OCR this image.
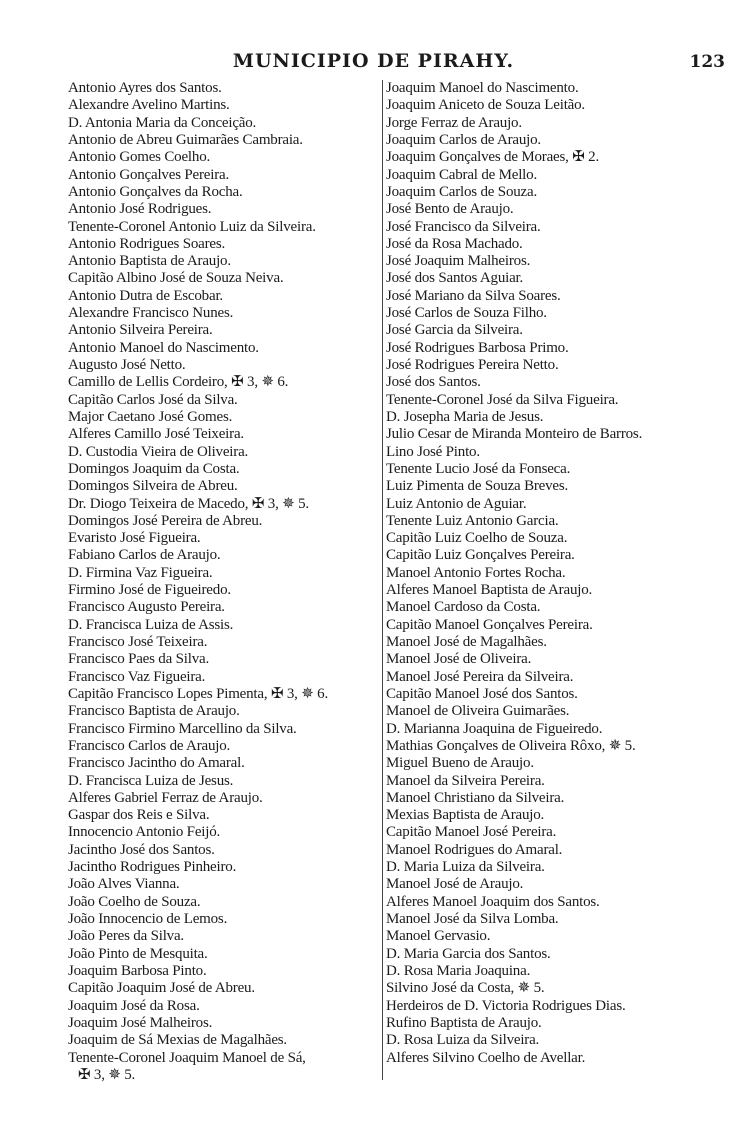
MUNICIPIO DE PIRAHY.	123
Antonio Ayres dos Santos.
Alexandre Avelino Martins.
D. Antonia Maria da Conceição.
Antonio de Abreu Guimarães Cambraia.
Antonio Gomes Coelho.
Antonio Gonçalves Pereira.
Antonio Gonçalves da Rocha.
Antonio José Rodrigues.
Tenente-Coronel Antonio Luiz da Silveira.
Antonio Rodrigues Soares.
Antonio Baptista de Araujo.
Capitão Albino José de Souza Neiva.
Antonio Dutra de Escobar.
Alexandre Francisco Nunes.
Antonio Silveira Pereira.
Antonio Manoel do Nascimento.
Augusto José Netto.
Camillo de Lellis Cordeiro, ✠ 3, ✵ 6.
Capitão Carlos José da Silva.
Major Caetano José Gomes.
Alferes Camillo José Teixeira.
D. Custodia Vieira de Oliveira.
Domingos Joaquim da Costa.
Domingos Silveira de Abreu.
Dr. Diogo Teixeira de Macedo, ✠ 3, ✵ 5.
Domingos José Pereira de Abreu.
Evaristo José Figueira.
Fabiano Carlos de Araujo.
D. Firmina Vaz Figueira.
Firmino José de Figueiredo.
Francisco Augusto Pereira.
D. Francisca Luiza de Assis.
Francisco José Teixeira.
Francisco Paes da Silva.
Francisco Vaz Figueira.
Capitão Francisco Lopes Pimenta, ✠ 3, ✵ 6.
Francisco Baptista de Araujo.
Francisco Firmino Marcellino da Silva.
Francisco Carlos de Araujo.
Francisco Jacintho do Amaral.
D. Francisca Luiza de Jesus.
Alferes Gabriel Ferraz de Araujo.
Gaspar dos Reis e Silva.
Innocencio Antonio Feijó.
Jacintho José dos Santos.
Jacintho Rodrigues Pinheiro.
João Alves Vianna.
João Coelho de Souza.
João Innocencio de Lemos.
João Peres da Silva.
João Pinto de Mesquita.
Joaquim Barbosa Pinto.
Capitão Joaquim José de Abreu.
Joaquim José da Rosa.
Joaquim José Malheiros.
Joaquim de Sá Mexias de Magalhães.
Tenente-Coronel Joaquim Manoel de Sá,
✠ 3, ✵ 5.
Joaquim Manoel do Nascimento.
Joaquim Aniceto de Souza Leitão.
Jorge Ferraz de Araujo.
Joaquim Carlos de Araujo.
Joaquim Gonçalves de Moraes, ✠ 2.
Joaquim Cabral de Mello.
Joaquim Carlos de Souza.
José Bento de Araujo.
José Francisco da Silveira.
José da Rosa Machado.
José Joaquim Malheiros.
José dos Santos Aguiar.
José Mariano da Silva Soares.
José Carlos de Souza Filho.
José Garcia da Silveira.
José Rodrigues Barbosa Primo.
José Rodrigues Pereira Netto.
José dos Santos.
Tenente-Coronel José da Silva Figueira.
D. Josepha Maria de Jesus.
Julio Cesar de Miranda Monteiro de Barros.
Lino José Pinto.
Tenente Lucio José da Fonseca.
Luiz Pimenta de Souza Breves.
Luiz Antonio de Aguiar.
Tenente Luiz Antonio Garcia.
Capitão Luiz Coelho de Souza.
Capitão Luiz Gonçalves Pereira.
Manoel Antonio Fortes Rocha.
Alferes Manoel Baptista de Araujo.
Manoel Cardoso da Costa.
Capitão Manoel Gonçalves Pereira.
Manoel José de Magalhães.
Manoel José de Oliveira.
Manoel José Pereira da Silveira.
Capitão Manoel José dos Santos.
Manoel de Oliveira Guimarães.
D. Marianna Joaquina de Figueiredo.
Mathias Gonçalves de Oliveira Rôxo, ✵ 5.
Miguel Bueno de Araujo.
Manoel da Silveira Pereira.
Manoel Christiano da Silveira.
Mexias Baptista de Araujo.
Capitão Manoel José Pereira.
Manoel Rodrigues do Amaral.
D. Maria Luiza da Silveira.
Manoel José de Araujo.
Alferes Manoel Joaquim dos Santos.
Manoel José da Silva Lomba.
Manoel Gervasio.
D. Maria Garcia dos Santos.
D. Rosa Maria Joaquina.
Silvino José da Costa, ✵ 5.
Herdeiros de D. Victoria Rodrigues Dias.
Rufino Baptista de Araujo.
D. Rosa Luiza da Silveira.
Alferes Silvino Coelho de Avellar.
